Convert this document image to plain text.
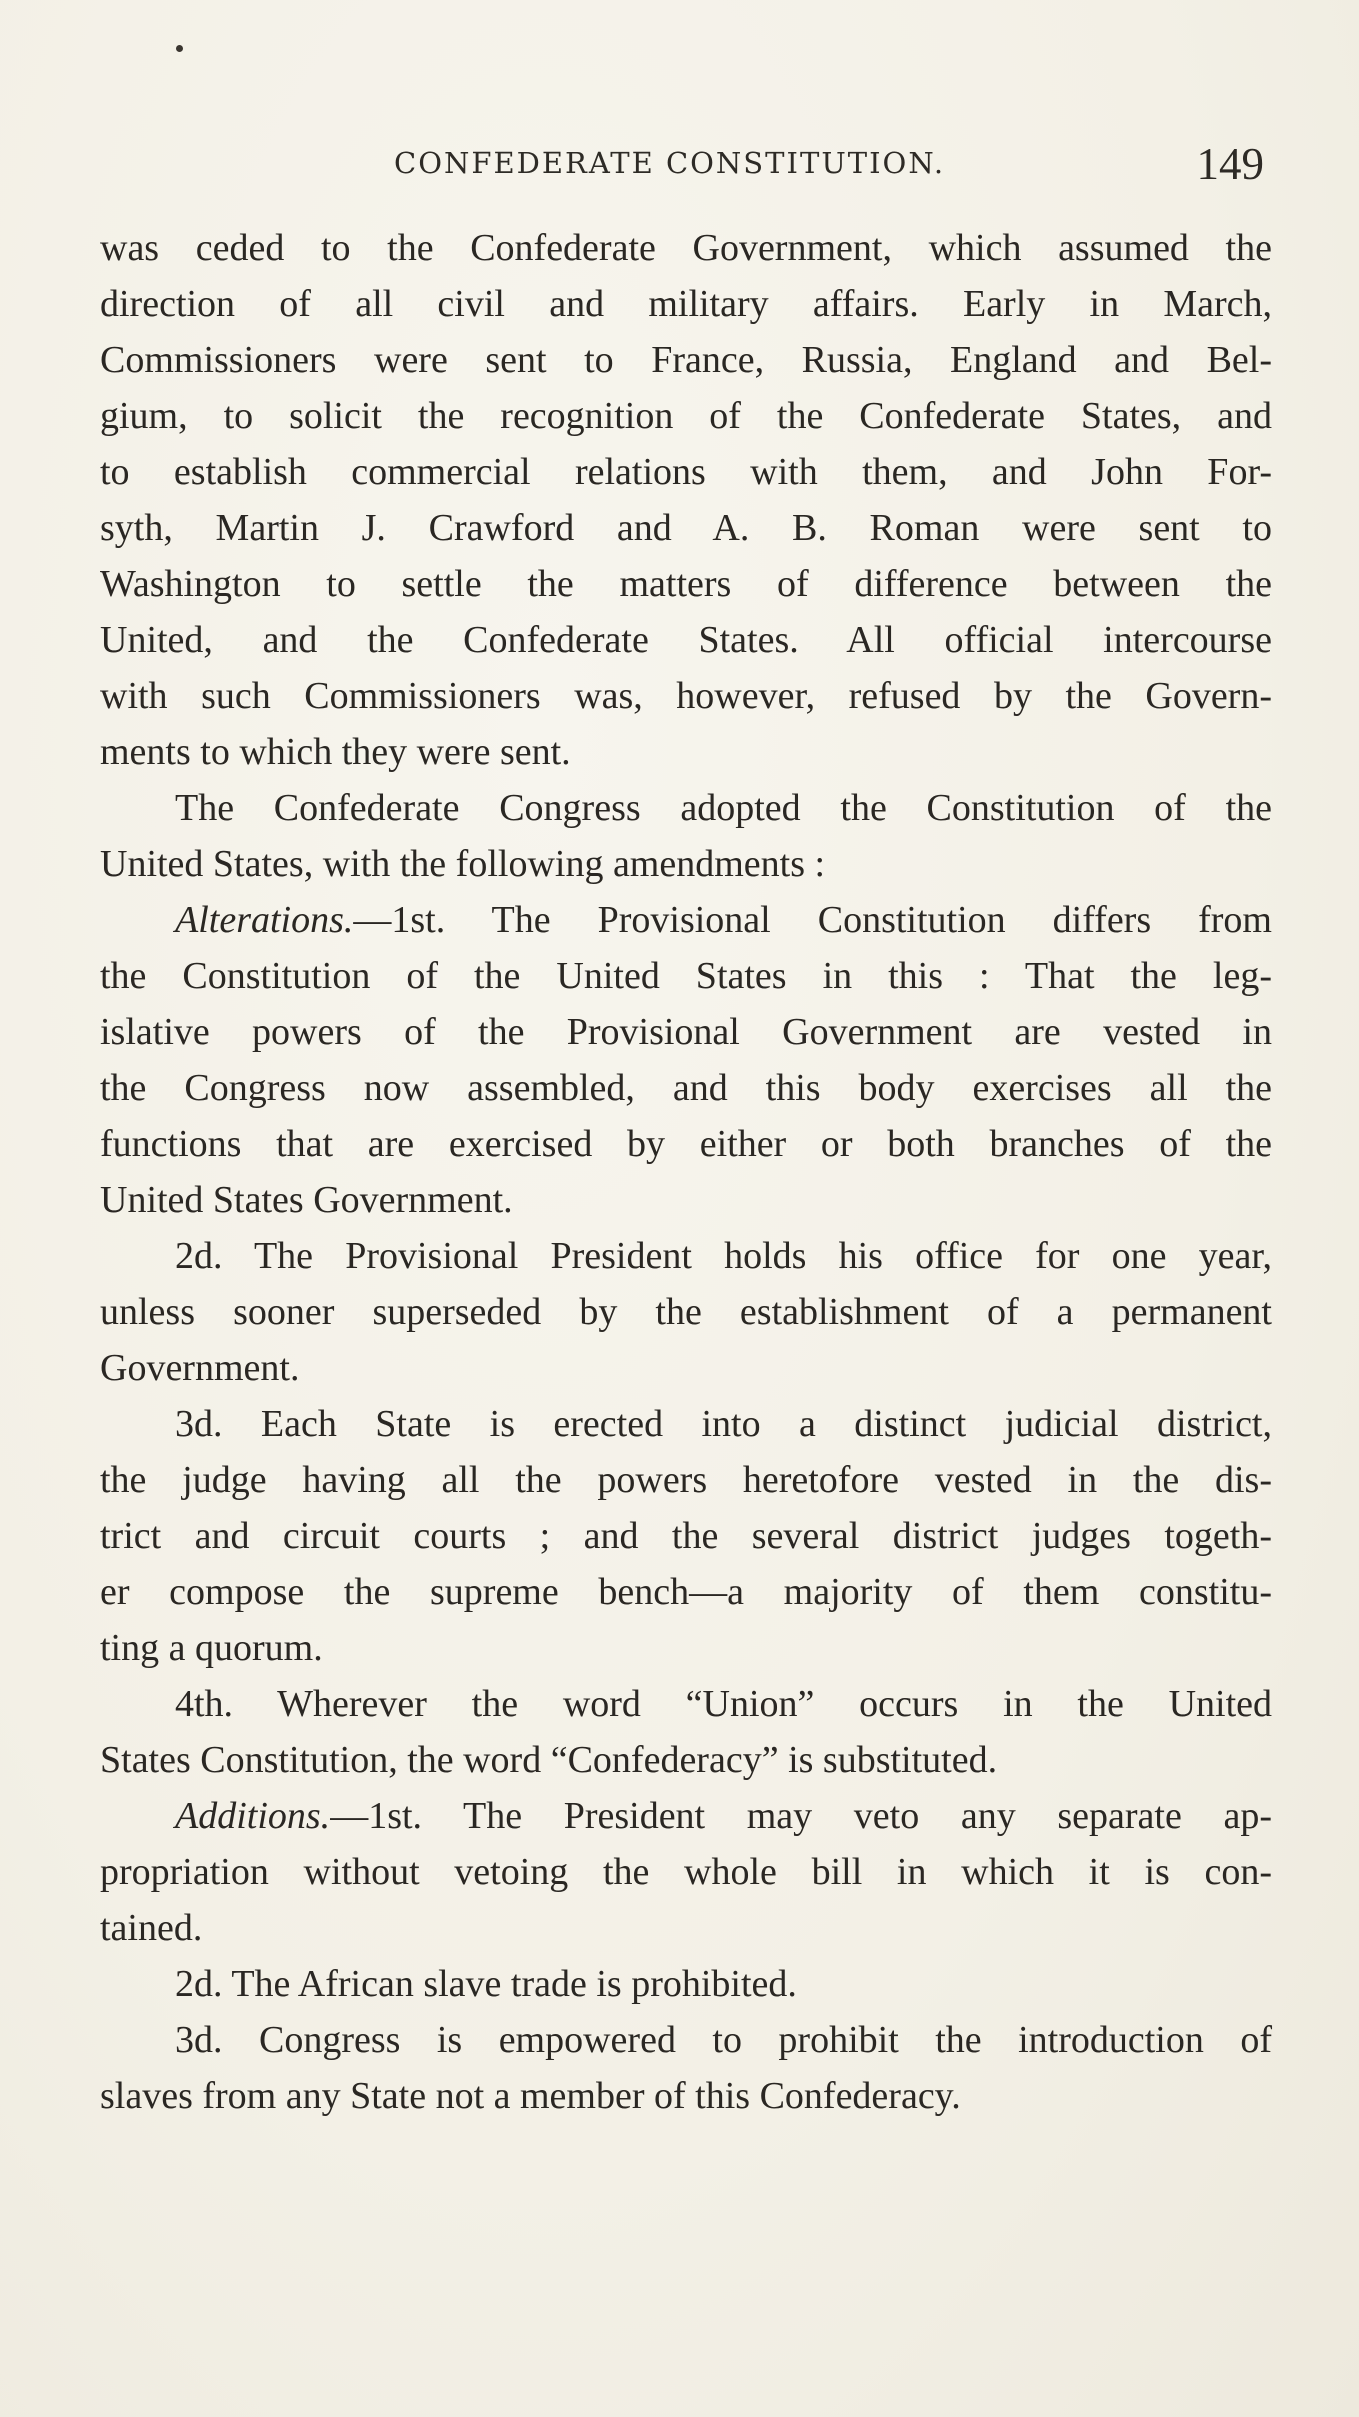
CONFEDERATE CONSTITUTION.	149
was ceded to the Confederate Government, which assumed the
direction of all civil and military affairs. Early in March,
Commissioners were sent to France, Russia, England and Bel-
gium, to solicit the recognition of the Confederate States, and
to establish commercial relations with them, and John For-
syth, Martin J. Crawford and A. B. Roman were sent to
Washington to settle the matters of difference between the
United, and the Confederate States. All official intercourse
with such Commissioners was, however, refused by the Govern-
ments to which they were sent.
The Confederate Congress adopted the Constitution of the
United States, with the following amendments :
Alterations.—1st. The Provisional Constitution differs from
the Constitution of the United States in this : That the leg-
islative powers of the Provisional Government are vested in
the Congress now assembled, and this body exercises all the
functions that are exercised by either or both branches of the
United States Government.
2d. The Provisional President holds his office for one year,
unless sooner superseded by the establishment of a permanent
Government.
3d. Each State is erected into a distinct judicial district,
the judge having all the powers heretofore vested in the dis-
trict and circuit courts ; and the several district judges togeth-
er compose the supreme bench—a majority of them constitu-
ting a quorum.
4th. Wherever the word “Union” occurs in the United
States Constitution, the word “Confederacy” is substituted.
Additions.—1st. The President may veto any separate ap-
propriation without vetoing the whole bill in which it is con-
tained.
2d. The African slave trade is prohibited.
3d. Congress is empowered to prohibit the introduction of
slaves from any State not a member of this Confederacy.
